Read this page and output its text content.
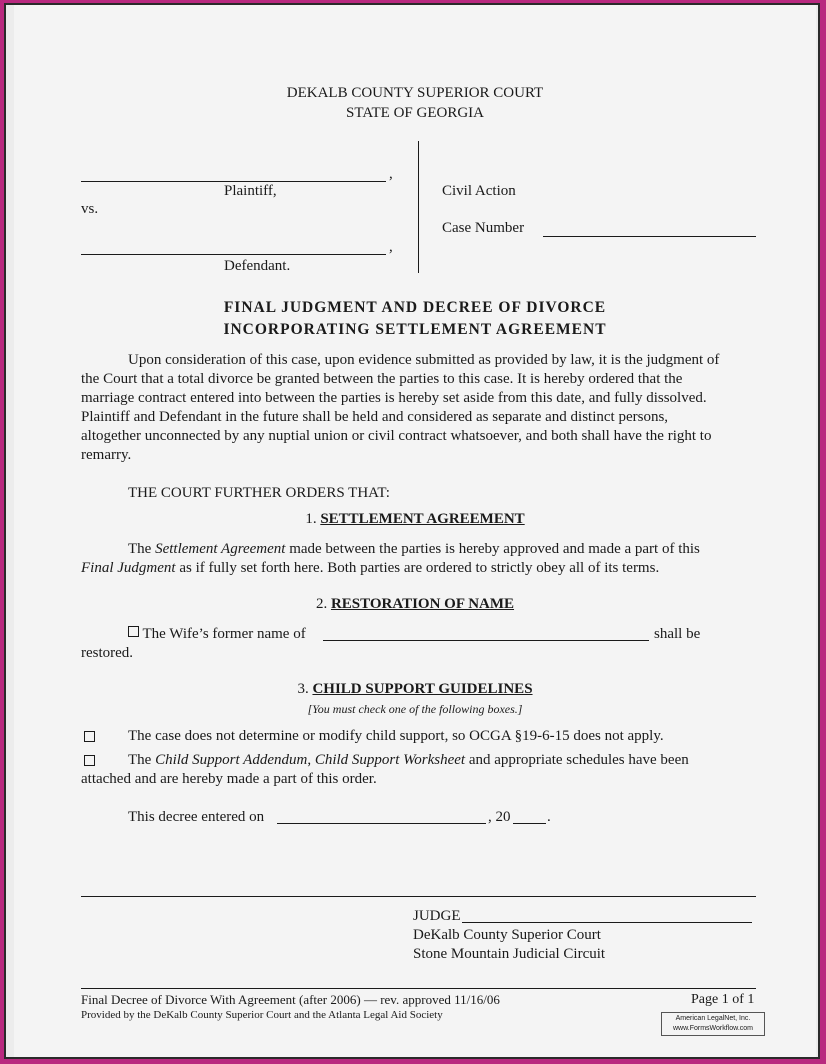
DEKALB COUNTY SUPERIOR COURT
STATE OF GEORGIA
,
Plaintiff,
vs.
,
Defendant.
Civil Action
Case Number
FINAL JUDGMENT AND DECREE OF DIVORCE
INCORPORATING SETTLEMENT AGREEMENT
Upon consideration of this case, upon evidence submitted as provided by law, it is the judgment of
the Court that a total divorce be granted between the parties to this case. It is hereby ordered that the
marriage contract entered into between the parties is hereby set aside from this date, and fully dissolved.
Plaintiff and Defendant in the future shall be held and considered as separate and distinct persons,
altogether unconnected by any nuptial union or civil contract whatsoever, and both shall have the right to
remarry.
THE COURT FURTHER ORDERS THAT:
1. SETTLEMENT AGREEMENT
The Settlement Agreement made between the parties is hereby approved and made a part of this
Final Judgment as if fully set forth here. Both parties are ordered to strictly obey all of its terms.
2. RESTORATION OF NAME
The Wife’s former name of	shall be
restored.
3. CHILD SUPPORT GUIDELINES
[You must check one of the following boxes.]
The case does not determine or modify child support, so OCGA §19-6-15 does not apply.
The Child Support Addendum, Child Support Worksheet and appropriate schedules have been
attached and are hereby made a part of this order.
This decree entered on	, 20 .
JUDGE
DeKalb County Superior Court
Stone Mountain Judicial Circuit
Final Decree of Divorce With Agreement (after 2006) — rev. approved 11/16/06	Page 1 of 1
Provided by the DeKalb County Superior Court and the Atlanta Legal Aid Society	American LegalNet, Inc.
www.FormsWorkflow.com
